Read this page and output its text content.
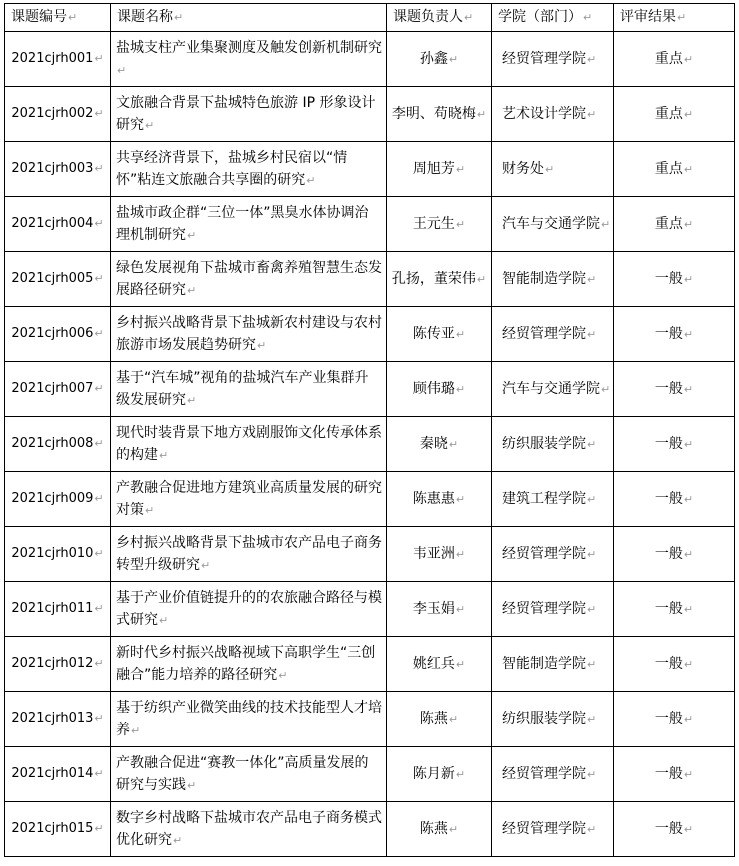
课题编号↵	课题名称↵	课题负责人↵	学院（部门）↵	评审结果↵
2021cjrh001↵	盐城支柱产业集聚测度及触发创新机制研究↵	孙鑫↵	经贸管理学院↵	重点↵
2021cjrh002↵	文旅融合背景下盐城特色旅游 IP 形象设计研究↵	李明、苟晓梅↵	艺术设计学院↵	重点↵
2021cjrh003↵	共享经济背景下，盐城乡村民宿以“情怀”粘连文旅融合共享圈的研究↵	周旭芳↵	财务处↵	重点↵
2021cjrh004↵	盐城市政企群“三位一体”黑臭水体协调治理机制研究↵	王元生↵	汽车与交通学院↵	重点↵
2021cjrh005↵	绿色发展视角下盐城市畜禽养殖智慧生态发展路径研究↵	孔扬，董荣伟↵	智能制造学院↵	一般↵
2021cjrh006↵	乡村振兴战略背景下盐城新农村建设与农村旅游市场发展趋势研究↵	陈传亚↵	经贸管理学院↵	一般↵
2021cjrh007↵	基于“汽车城”视角的盐城汽车产业集群升级发展研究↵	顾伟璐↵	汽车与交通学院↵	一般↵
2021cjrh008↵	现代时装背景下地方戏剧服饰文化传承体系的构建↵	秦晓↵	纺织服装学院↵	一般↵
2021cjrh009↵	产教融合促进地方建筑业高质量发展的研究对策↵	陈惠惠↵	建筑工程学院↵	一般↵
2021cjrh010↵	乡村振兴战略背景下盐城市农产品电子商务转型升级研究↵	韦亚洲↵	经贸管理学院↵	一般↵
2021cjrh011↵	基于产业价值链提升的的农旅融合路径与模式研究↵	李玉娟↵	经贸管理学院↵	一般↵
2021cjrh012↵	新时代乡村振兴战略视域下高职学生“三创融合”能力培养的路径研究↵	姚红兵↵	智能制造学院↵	一般↵
2021cjrh013↵	基于纺织产业微笑曲线的技术技能型人才培养↵	陈燕↵	纺织服装学院↵	一般↵
2021cjrh014↵	产教融合促进“赛教一体化”高质量发展的研究与实践↵	陈月新↵	经贸管理学院↵	一般↵
2021cjrh015↵	数字乡村战略下盐城市农产品电子商务模式优化研究↵	陈燕↵	经贸管理学院↵	一般↵
